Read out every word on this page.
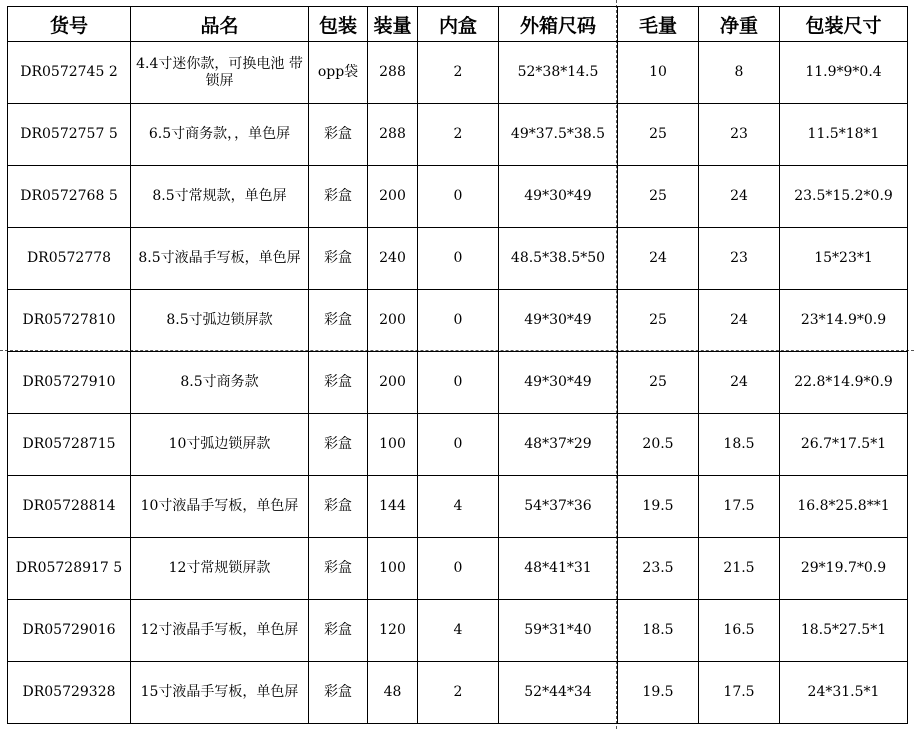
货号	品名	包装	装量	内盒	外箱尺码	毛量	净重	包装尺寸
DR0572745 2	4.4寸迷你款，可换电池 带锁屏	opp袋	288	2	52*38*14.5	10	8	11.9*9*0.4
DR0572757 5	6.5寸商务款，，单色屏	彩盒	288	2	49*37.5*38.5	25	23	11.5*18*1
DR0572768 5	8.5寸常规款，单色屏	彩盒	200	0	49*30*49	25	24	23.5*15.2*0.9
DR0572778	8.5寸液晶手写板，单色屏	彩盒	240	0	48.5*38.5*50	24	23	15*23*1
DR05727810	8.5寸弧边锁屏款	彩盒	200	0	49*30*49	25	24	23*14.9*0.9
DR05727910	8.5寸商务款	彩盒	200	0	49*30*49	25	24	22.8*14.9*0.9
DR05728715	10寸弧边锁屏款	彩盒	100	0	48*37*29	20.5	18.5	26.7*17.5*1
DR05728814	10寸液晶手写板，单色屏	彩盒	144	4	54*37*36	19.5	17.5	16.8*25.8**1
DR05728917 5	12寸常规锁屏款	彩盒	100	0	48*41*31	23.5	21.5	29*19.7*0.9
DR05729016	12寸液晶手写板，单色屏	彩盒	120	4	59*31*40	18.5	16.5	18.5*27.5*1
DR05729328	15寸液晶手写板，单色屏	彩盒	48	2	52*44*34	19.5	17.5	24*31.5*1
